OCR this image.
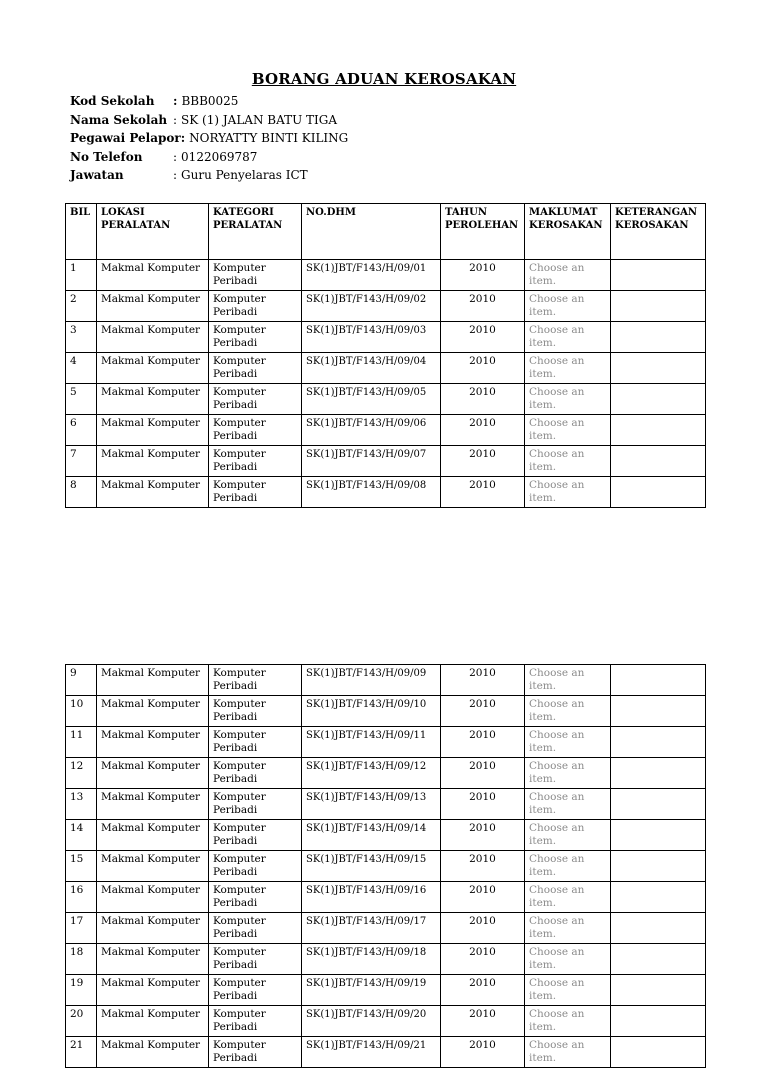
BORANG ADUAN KEROSAKAN
Kod Sekolah	: BBB0025
Nama Sekolah : SK (1) JALAN BATU TIGA
Pegawai Pelapor : NORYATTY BINTI KILING
No Telefon	: 0122069787
Jawatan	: Guru Penyelaras ICT
BIL	LOKASI PERALATAN	KATEGORI PERALATAN	NO.DHM	TAHUN PEROLEHAN	MAKLUMAT KEROSAKAN	KETERANGAN KEROSAKAN
1	Makmal Komputer	Komputer Peribadi	SK(1)JBT/F143/H/09/01	2010	Choose an item.	
2	Makmal Komputer	Komputer Peribadi	SK(1)JBT/F143/H/09/02	2010	Choose an item.	
3	Makmal Komputer	Komputer Peribadi	SK(1)JBT/F143/H/09/03	2010	Choose an item.	
4	Makmal Komputer	Komputer Peribadi	SK(1)JBT/F143/H/09/04	2010	Choose an item.	
5	Makmal Komputer	Komputer Peribadi	SK(1)JBT/F143/H/09/05	2010	Choose an item.	
6	Makmal Komputer	Komputer Peribadi	SK(1)JBT/F143/H/09/06	2010	Choose an item.	
7	Makmal Komputer	Komputer Peribadi	SK(1)JBT/F143/H/09/07	2010	Choose an item.	
8	Makmal Komputer	Komputer Peribadi	SK(1)JBT/F143/H/09/08	2010	Choose an item.	
9	Makmal Komputer	Komputer Peribadi	SK(1)JBT/F143/H/09/09	2010	Choose an item.	
10	Makmal Komputer	Komputer Peribadi	SK(1)JBT/F143/H/09/10	2010	Choose an item.	
11	Makmal Komputer	Komputer Peribadi	SK(1)JBT/F143/H/09/11	2010	Choose an item.	
12	Makmal Komputer	Komputer Peribadi	SK(1)JBT/F143/H/09/12	2010	Choose an item.	
13	Makmal Komputer	Komputer Peribadi	SK(1)JBT/F143/H/09/13	2010	Choose an item.	
14	Makmal Komputer	Komputer Peribadi	SK(1)JBT/F143/H/09/14	2010	Choose an item.	
15	Makmal Komputer	Komputer Peribadi	SK(1)JBT/F143/H/09/15	2010	Choose an item.	
16	Makmal Komputer	Komputer Peribadi	SK(1)JBT/F143/H/09/16	2010	Choose an item.	
17	Makmal Komputer	Komputer Peribadi	SK(1)JBT/F143/H/09/17	2010	Choose an item.	
18	Makmal Komputer	Komputer Peribadi	SK(1)JBT/F143/H/09/18	2010	Choose an item.	
19	Makmal Komputer	Komputer Peribadi	SK(1)JBT/F143/H/09/19	2010	Choose an item.	
20	Makmal Komputer	Komputer Peribadi	SK(1)JBT/F143/H/09/20	2010	Choose an item.	
21	Makmal Komputer	Komputer Peribadi	SK(1)JBT/F143/H/09/21	2010	Choose an item.	
